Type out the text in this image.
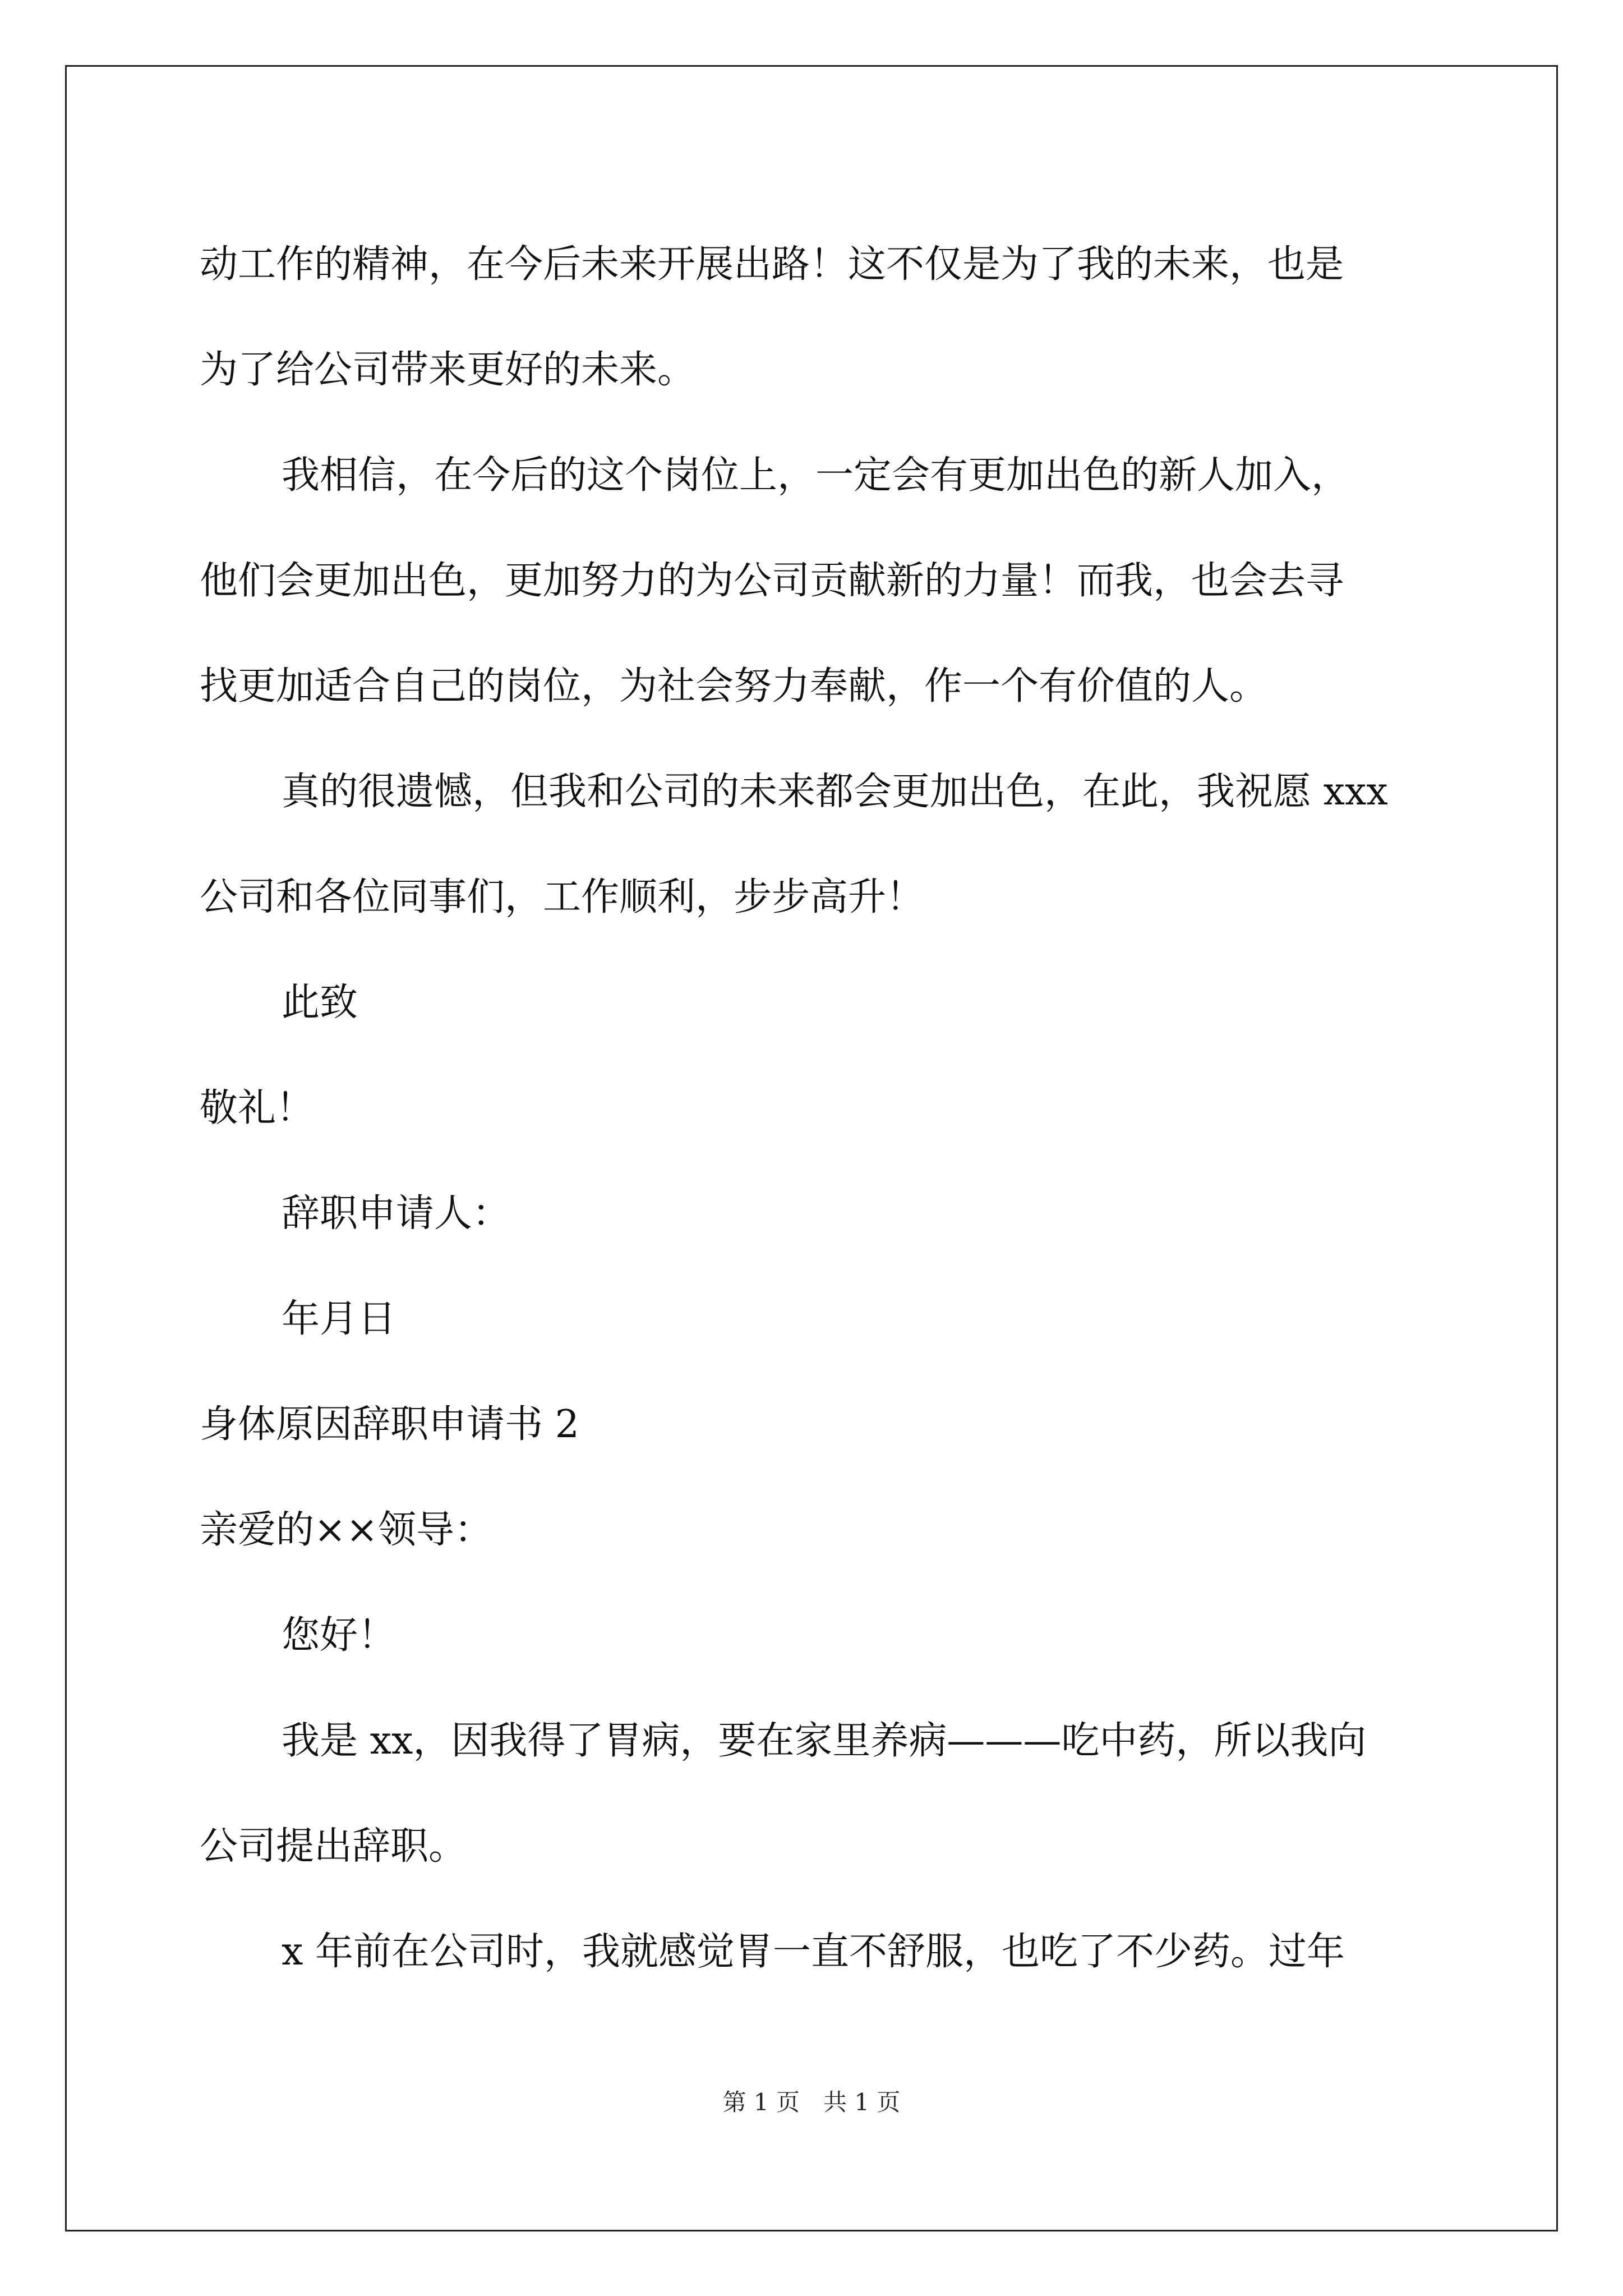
动工作的精神，在今后未来开展出路！这不仅是为了我的未来，也是
为了给公司带来更好的未来。
我相信，在今后的这个岗位上，一定会有更加出色的新人加入，
他们会更加出色，更加努力的为公司贡献新的力量！而我，也会去寻
找更加适合自己的岗位，为社会努力奉献，作一个有价值的人。
真的很遗憾，但我和公司的未来都会更加出色，在此，我祝愿 xxx
公司和各位同事们，工作顺利，步步高升！
此致
敬礼！
辞职申请人：
年月日
身体原因辞职申请书 2
亲爱的××领导：
您好！
我是 xx，因我得了胃病，要在家里养病———吃中药，所以我向
公司提出辞职。
x 年前在公司时，我就感觉胃一直不舒服，也吃了不少药。过年
第 1 页 共 1 页
